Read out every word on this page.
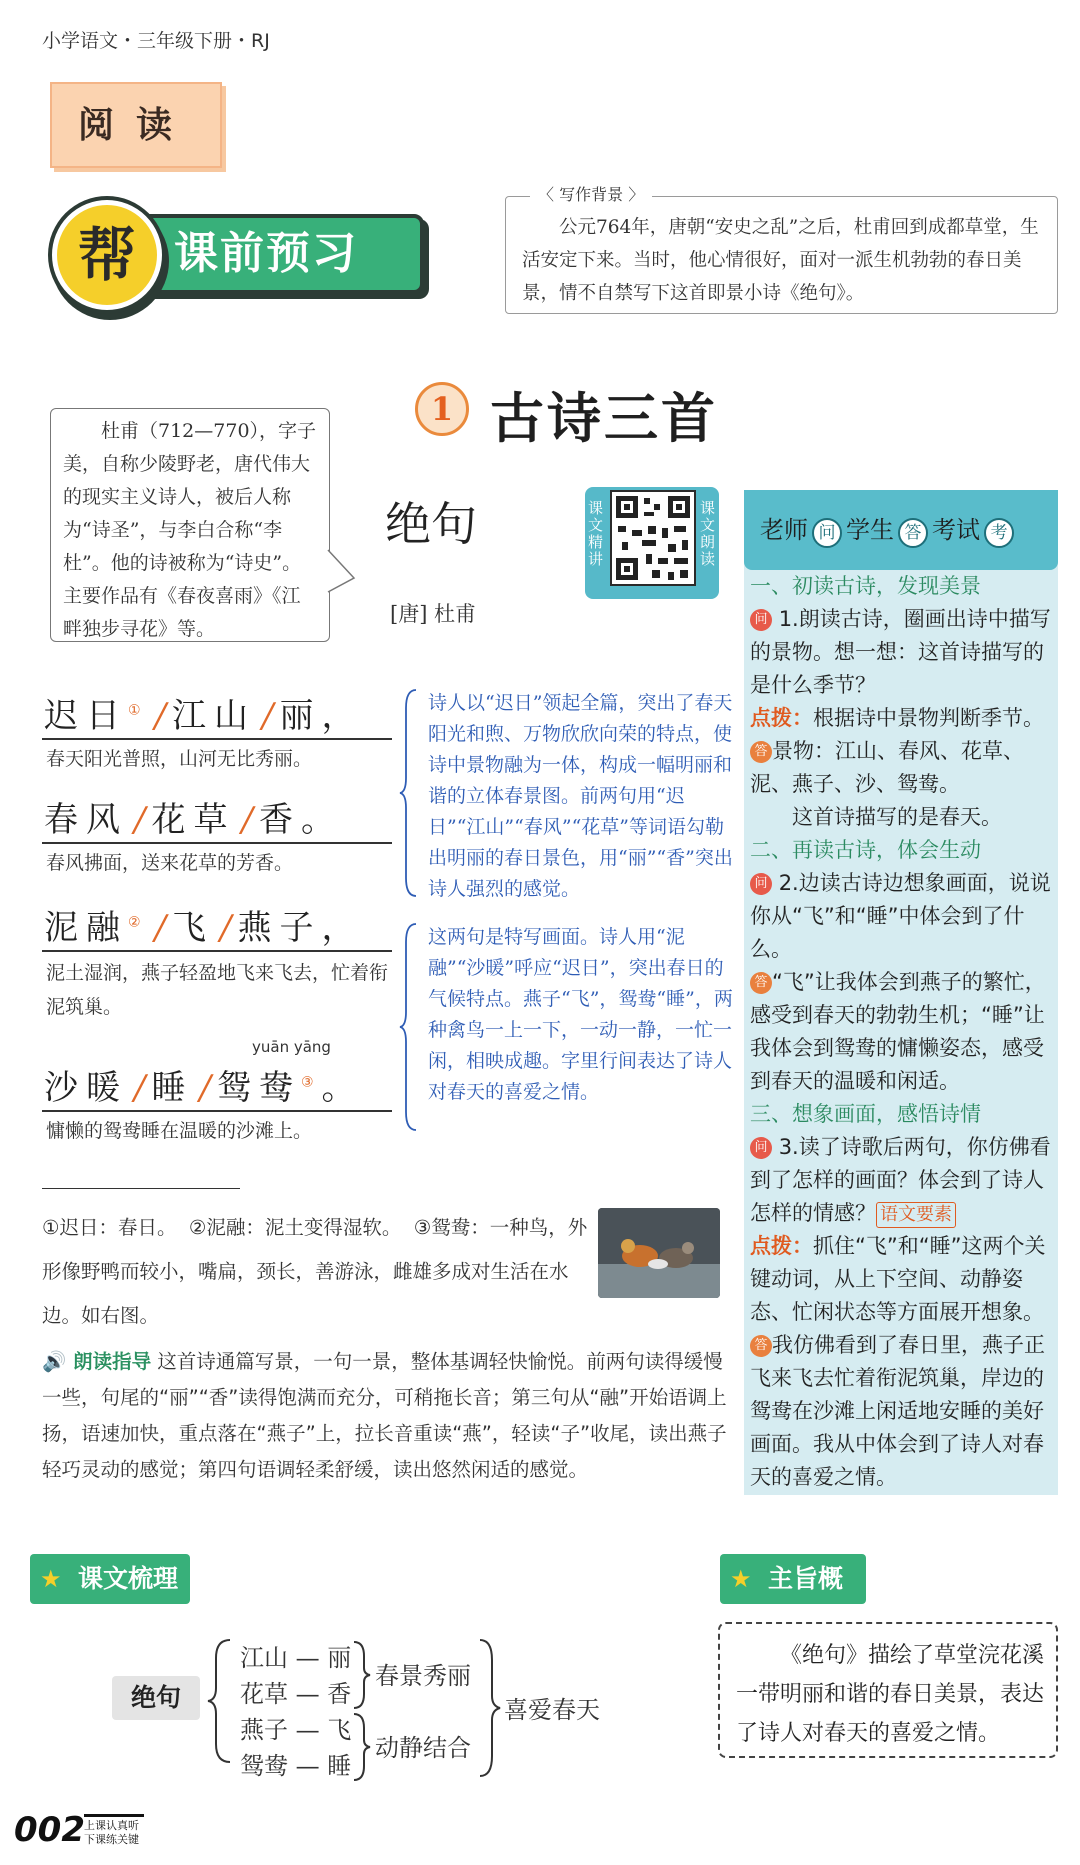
小学语文・三年级下册・RJ
阅读
课前预习
帮	公元764年，唐朝“安史之乱”之后，杜甫回到成都草堂，生活安定下来。当时，他心情很好，面对一派生机勃勃的春日美景，情不自禁写下这首即景小诗《绝句》。
〈 写作背景 〉
1 古诗三首
杜甫（712—770），字子美，自称少陵野老，唐代伟大的现实主义诗人，被后人称为“诗圣”，与李白合称“李杜”。他的诗被称为“诗史”。主要作品有《春夜喜雨》《江畔独步寻花》等。
绝句
[唐] 杜甫
课文精讲
课文朗读
迟日① / 江山 / 丽，
春天阳光普照，山河无比秀丽。
春风 / 花草 / 香。
春风拂面，送来花草的芳香。
泥融② / 飞 / 燕子，
泥土湿润，燕子轻盈地飞来飞去，忙着衔泥筑巢。
yuān yāng
沙暖 / 睡 / 鸳鸯③。
慵懒的鸳鸯睡在温暖的沙滩上。
诗人以“迟日”领起全篇，突出了春天阳光和煦、万物欣欣向荣的特点，使诗中景物融为一体，构成一幅明丽和谐的立体春景图。前两句用“迟日”“江山”“春风”“花草”等词语勾勒出明丽的春日景色，用“丽”“香”突出诗人强烈的感觉。
这两句是特写画面。诗人用“泥融”“沙暖”呼应“迟日”，突出春日的气候特点。燕子“飞”，鸳鸯“睡”，两种禽鸟一上一下，一动一静，一忙一闲，相映成趣。字里行间表达了诗人对春天的喜爱之情。
老师 问 学生 答 考试 考
一、初读古诗，发现美景
问 1.朗读古诗，圈画出诗中描写的景物。想一想：这首诗描写的是什么季节？
点拨：根据诗中景物判断季节。
答 景物：江山、春风、花草、泥、燕子、沙、鸳鸯。
这首诗描写的是春天。
二、再读古诗，体会生动
问 2.边读古诗边想象画面，说说你从“飞”和“睡”中体会到了什么。
答 “飞”让我体会到燕子的繁忙，感受到春天的勃勃生机；“睡”让我体会到鸳鸯的慵懒姿态，感受到春天的温暖和闲适。
三、想象画面，感悟诗情
问 3.读了诗歌后两句，你仿佛看到了怎样的画面？体会到了诗人怎样的情感？ 语文要素
点拨：抓住“飞”和“睡”这两个关键动词，从上下空间、动静姿态、忙闲状态等方面展开想象。
答 我仿佛看到了春日里，燕子正飞来飞去忙着衔泥筑巢，岸边的鸳鸯在沙滩上闲适地安睡的美好画面。我从中体会到了诗人对春天的喜爱之情。
①迟日：春日。 ②泥融：泥土变得湿软。 ③鸳鸯：一种鸟，外形像野鸭而较小，嘴扁，颈长，善游泳，雌雄多成对生活在水边。如右图。
🔊 朗读指导 这首诗通篇写景，一句一景，整体基调轻快愉悦。前两句读得缓慢一些，句尾的“丽”“香”读得饱满而充分，可稍拖长音；第三句从“融”开始语调上扬，语速加快，重点落在“燕子”上，拉长音重读“燕”，轻读“子”收尾，读出燕子轻巧灵动的感觉；第四句语调轻柔舒缓，读出悠然闲适的感觉。
★ 课文梳理
绝句
江山 — 丽
花草 — 香
燕子 — 飞
鸳鸯 — 睡
春景秀丽
动静结合
喜爱春天
★ 主旨概括
《绝句》描绘了草堂浣花溪一带明丽和谐的春日美景，表达了诗人对春天的喜爱之情。
002 上课认真听
下课练关键
